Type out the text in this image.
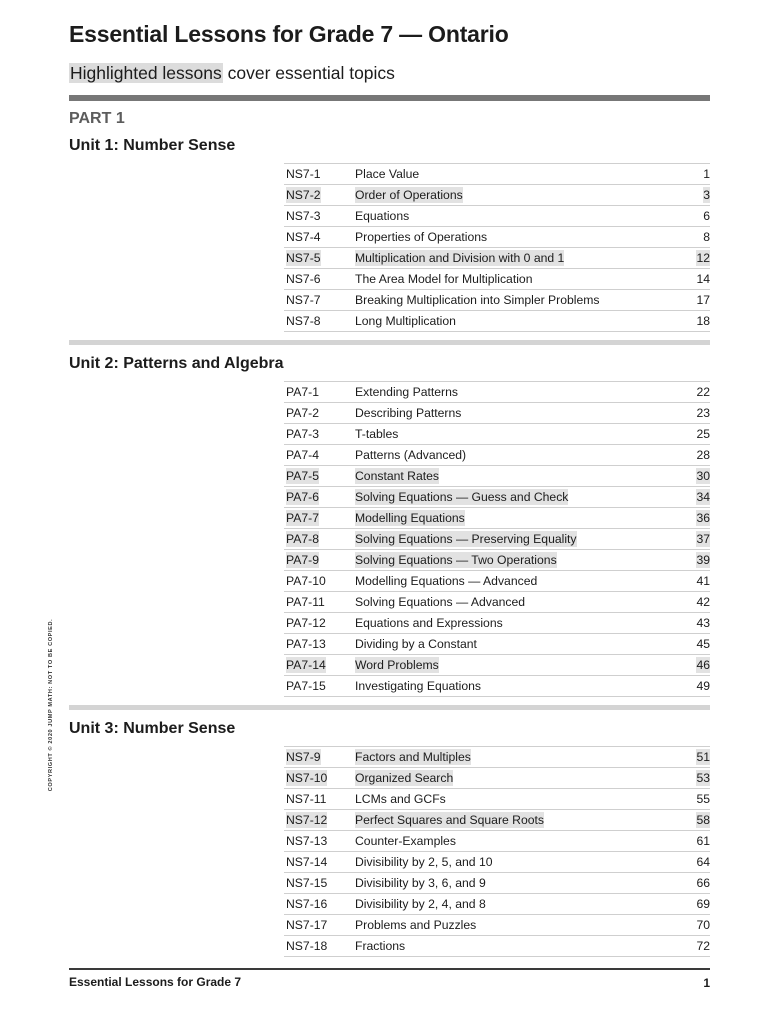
Essential Lessons for Grade 7 — Ontario

Highlighted lessons cover essential topics

PART 1

Unit 1: Number Sense
NS7-1	Place Value	1
NS7-2	Order of Operations	3
NS7-3	Equations	6
NS7-4	Properties of Operations	8
NS7-5	Multiplication and Division with 0 and 1	12
NS7-6	The Area Model for Multiplication	14
NS7-7	Breaking Multiplication into Simpler Problems	17
NS7-8	Long Multiplication	18
Unit 2: Patterns and Algebra
PA7-1	Extending Patterns	22
PA7-2	Describing Patterns	23
PA7-3	T-tables	25
PA7-4	Patterns (Advanced)	28
PA7-5	Constant Rates	30
PA7-6	Solving Equations — Guess and Check	34
PA7-7	Modelling Equations	36
PA7-8	Solving Equations — Preserving Equality	37
PA7-9	Solving Equations — Two Operations	39
PA7-10 Modelling Equations — Advanced	41
PA7-11 Solving Equations — Advanced	42
PA7-12 Equations and Expressions	43
PA7-13 Dividing by a Constant	45
PA7-14 Word Problems	46
PA7-15 Investigating Equations	49
Unit 3: Number Sense
NS7-9	Factors and Multiples	51
NS7-10 Organized Search	53
NS7-11 LCMs and GCFs	55
NS7-12 Perfect Squares and Square Roots	58
NS7-13 Counter-Examples	61
NS7-14 Divisibility by 2, 5, and 10	64
NS7-15 Divisibility by 3, 6, and 9	66
NS7-16 Divisibility by 2, 4, and 8	69
NS7-17 Problems and Puzzles	70
NS7-18 Fractions	72
COPYRIGHT © 2020 JUMP MATH: NOT TO BE COPIED.

Essential Lessons for Grade 7	1
